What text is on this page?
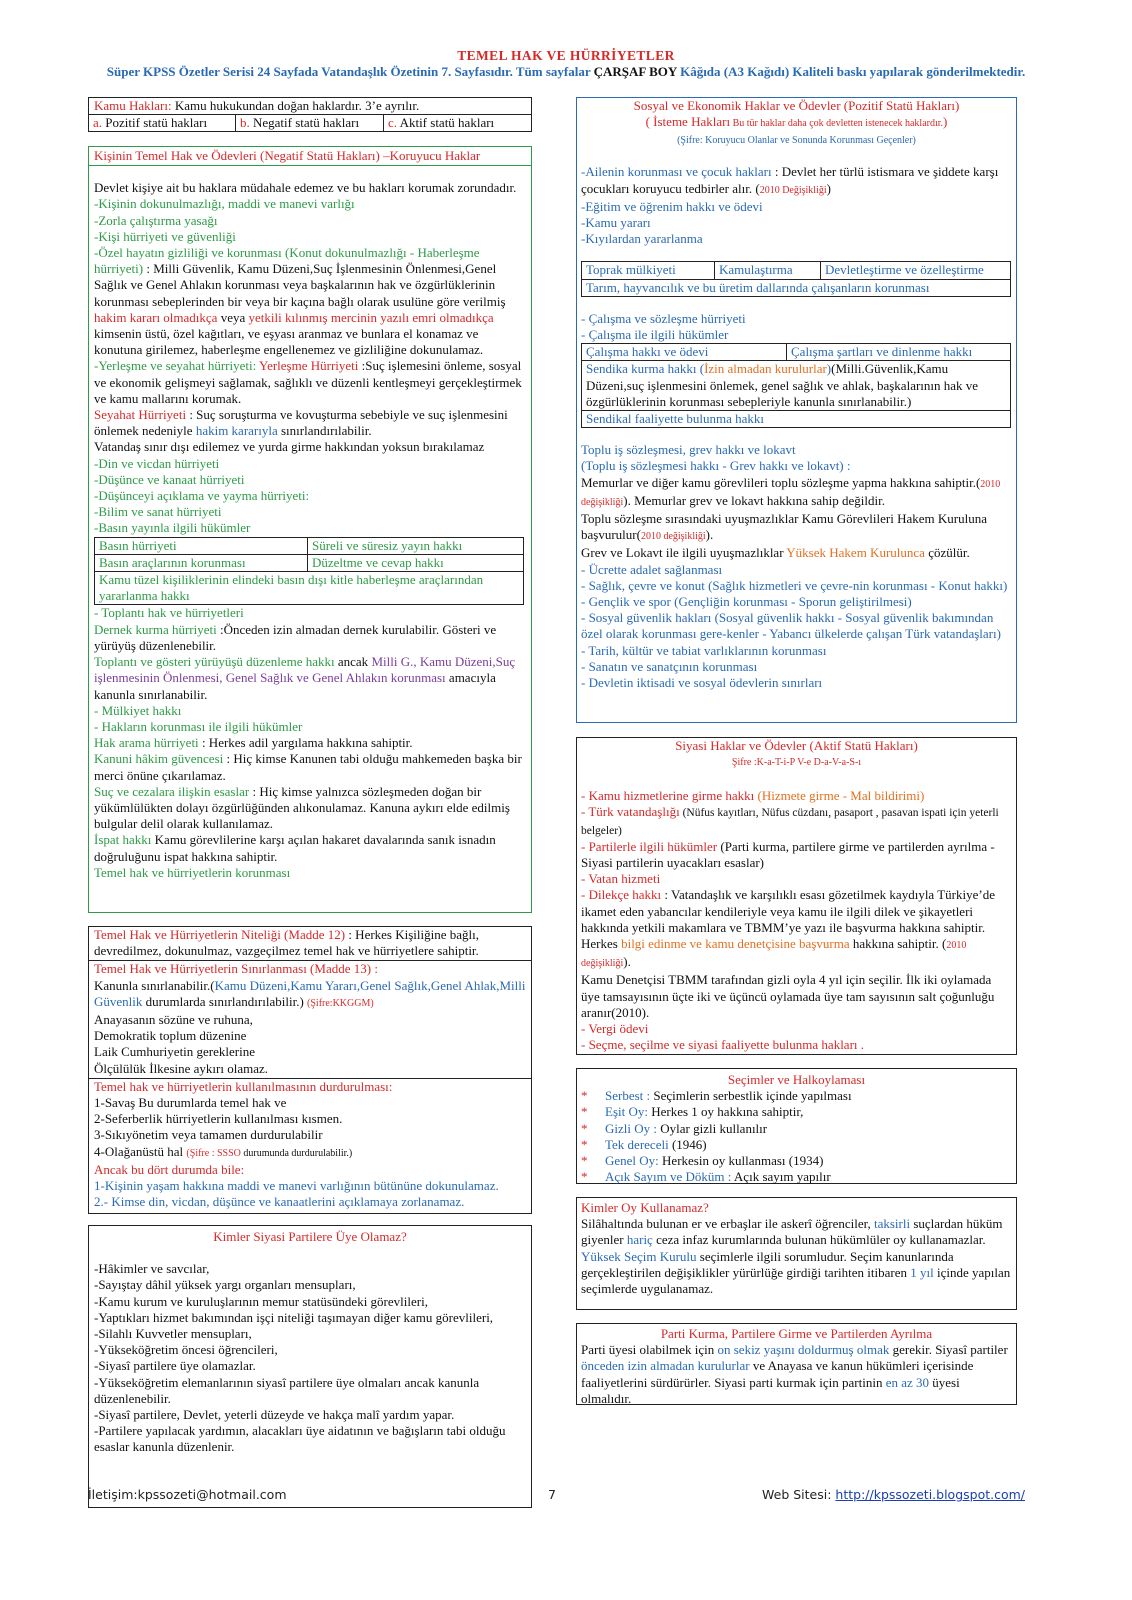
TEMEL HAK VE HÜRRİYETLER
Süper KPSS Özetler Serisi 24 Sayfada Vatandaşlık Özetinin 7. Sayfasıdır. Tüm sayfalar ÇARŞAF BOY Kâğıda (A3 Kağıdı) Kaliteli baskı yapılarak gönderilmektedir.
Kamu Hakları: Kamu hukukundan doğan haklardır. 3’e ayrılır.
a. Pozitif statü hakları	b. Negatif statü hakları	c. Aktif statü hakları
Kişinin Temel Hak ve Ödevleri (Negatif Statü Hakları) –Koruyucu Haklar
Devlet kişiye ait bu haklara müdahale edemez ve bu hakları korumak zorundadır.
-Kişinin dokunulmazlığı, maddi ve manevi varlığı
-Zorla çalıştırma yasağı
-Kişi hürriyeti ve güvenliği
-Özel hayatın gizliliği ve korunması (Konut dokunulmazlığı - Haberleşme hürriyeti) : Milli Güvenlik, Kamu Düzeni,Suç İşlenmesinin Önlenmesi,Genel Sağlık ve Genel Ahlakın korunması veya başkalarının hak ve özgürlüklerinin korunması sebeplerinden bir veya bir kaçına bağlı olarak usulüne göre verilmiş hakim kararı olmadıkça veya yetkili kılınmış mercinin yazılı emri olmadıkça kimsenin üstü, özel kağıtları, ve eşyası aranmaz ve bunlara el konamaz ve konutuna girilemez, haberleşme engellenemez ve gizliliğine dokunulamaz.
-Yerleşme ve seyahat hürriyeti: Yerleşme Hürriyeti :Suç işlemesini önleme, sosyal ve ekonomik gelişmeyi sağlamak, sağlıklı ve düzenli kentleşmeyi gerçekleştirmek ve kamu mallarını korumak.
Seyahat Hürriyeti : Suç soruşturma ve kovuşturma sebebiyle ve suç işlenmesini önlemek nedeniyle hakim kararıyla sınırlandırılabilir.
Vatandaş sınır dışı edilemez ve yurda girme hakkından yoksun bırakılamaz
-Din ve vicdan hürriyeti
-Düşünce ve kanaat hürriyeti
-Düşünceyi açıklama ve yayma hürriyeti:
-Bilim ve sanat hürriyeti
-Basın yayınla ilgili hükümler
Basın hürriyeti	Süreli ve süresiz yayın hakkı
Basın araçlarının korunması	Düzeltme ve cevap hakkı
Kamu tüzel kişiliklerinin elindeki basın dışı kitle haberleşme araçlarından yararlanma hakkı
- Toplantı hak ve hürriyetleri
Dernek kurma hürriyeti :Önceden izin almadan dernek kurulabilir. Gösteri ve yürüyüş düzenlenebilir.
Toplantı ve gösteri yürüyüşü düzenleme hakkı ancak Milli G., Kamu Düzeni,Suç işlenmesinin Önlenmesi, Genel Sağlık ve Genel Ahlakın korunması amacıyla kanunla sınırlanabilir.
- Mülkiyet hakkı
- Hakların korunması ile ilgili hükümler
Hak arama hürriyeti : Herkes adil yargılama hakkına sahiptir.
Kanuni hâkim güvencesi : Hiç kimse Kanunen tabi olduğu mahkemeden başka bir merci önüne çıkarılamaz.
Suç ve cezalara ilişkin esaslar : Hiç kimse yalnızca sözleşmeden doğan bir yükümlülükten dolayı özgürlüğünden alıkonulamaz. Kanuna aykırı elde edilmiş bulgular delil olarak kullanılamaz.
İspat hakkı Kamu görevlilerine karşı açılan hakaret davalarında sanık isnadın doğruluğunu ispat hakkına sahiptir.
Temel hak ve hürriyetlerin korunması
Temel Hak ve Hürriyetlerin Niteliği (Madde 12) : Herkes Kişiliğine bağlı, devredilmez, dokunulmaz, vazgeçilmez temel hak ve hürriyetlere sahiptir.
Temel Hak ve Hürriyetlerin Sınırlanması (Madde 13) :
Kanunla sınırlanabilir.(Kamu Düzeni,Kamu Yararı,Genel Sağlık,Genel Ahlak,Milli Güvenlik durumlarda sınırlandırılabilir.) (Şifre:KKGGM)
Anayasanın sözüne ve ruhuna,
Demokratik toplum düzenine
Laik Cumhuriyetin gereklerine
Ölçülülük İlkesine aykırı olamaz.
Temel hak ve hürriyetlerin kullanılmasının durdurulması:
1-Savaş Bu durumlarda temel hak ve
2-Seferberlik hürriyetlerin kullanılması kısmen.
3-Sıkıyönetim veya tamamen durdurulabilir
4-Olağanüstü hal (Şifre : SSSO durumunda durdurulabilir.)
Ancak bu dört durumda bile:
1-Kişinin yaşam hakkına maddi ve manevi varlığının bütününe dokunulamaz.
2.- Kimse din, vicdan, düşünce ve kanaatlerini açıklamaya zorlanamaz.
Kimler Siyasi Partilere Üye Olamaz?
-Hâkimler ve savcılar,
-Sayıştay dâhil yüksek yargı organları mensupları,
-Kamu kurum ve kuruluşlarının memur statüsündeki görevlileri,
-Yaptıkları hizmet bakımından işçi niteliği taşımayan diğer kamu görevlileri,
-Silahlı Kuvvetler mensupları,
-Yükseköğretim öncesi öğrencileri,
-Siyasî partilere üye olamazlar.
-Yükseköğretim elemanlarının siyasî partilere üye olmaları ancak kanunla düzenlenebilir.
-Siyasî partilere, Devlet, yeterli düzeyde ve hakça malî yardım yapar.
-Partilere yapılacak yardımın, alacakları üye aidatının ve bağışların tabi olduğu esaslar kanunla düzenlenir.
Sosyal ve Ekonomik Haklar ve Ödevler (Pozitif Statü Hakları)
( İsteme Hakları Bu tür haklar daha çok devletten istenecek haklardır.)
(Şifre: Koruyucu Olanlar ve Sonunda Korunması Geçenler)
-Ailenin korunması ve çocuk hakları : Devlet her türlü istismara ve şiddete karşı çocukları koruyucu tedbirler alır. (2010 Değişikliği)
-Eğitim ve öğrenim hakkı ve ödevi
-Kamu yararı
-Kıyılardan yararlanma
Toprak mülkiyeti	Kamulaştırma	Devletleştirme ve özelleştirme
Tarım, hayvancılık ve bu üretim dallarında çalışanların korunması
- Çalışma ve sözleşme hürriyeti
- Çalışma ile ilgili hükümler
Çalışma hakkı ve ödevi	Çalışma şartları ve dinlenme hakkı
Sendika kurma hakkı (İzin almadan kurulurlar)(Milli.Güvenlik,Kamu Düzeni,suç işlenmesini önlemek, genel sağlık ve ahlak, başkalarının hak ve özgürlüklerinin korunması sebepleriyle kanunla sınırlanabilir.)
Sendikal faaliyette bulunma hakkı
Toplu iş sözleşmesi, grev hakkı ve lokavt
(Toplu iş sözleşmesi hakkı - Grev hakkı ve lokavt) :
Memurlar ve diğer kamu görevlileri toplu sözleşme yapma hakkına sahiptir.(2010 değişikliği). Memurlar grev ve lokavt hakkına sahip değildir.
Toplu sözleşme sırasındaki uyuşmazlıklar Kamu Görevlileri Hakem Kuruluna başvurulur(2010 değişikliği).
Grev ve Lokavt ile ilgili uyuşmazlıklar Yüksek Hakem Kurulunca çözülür.
- Ücrette adalet sağlanması
- Sağlık, çevre ve konut (Sağlık hizmetleri ve çevre-nin korunması - Konut hakkı)
- Gençlik ve spor (Gençliğin korunması - Sporun geliştirilmesi)
- Sosyal güvenlik hakları (Sosyal güvenlik hakkı - Sosyal güvenlik bakımından özel olarak korunması gere-kenler - Yabancı ülkelerde çalışan Türk vatandaşları)
- Tarih, kültür ve tabiat varlıklarının korunması
- Sanatın ve sanatçının korunması
- Devletin iktisadi ve sosyal ödevlerin sınırları
Siyasi Haklar ve Ödevler (Aktif Statü Hakları)
Şifre :K-a-T-i-P V-e D-a-V-a-S-ı
- Kamu hizmetlerine girme hakkı (Hizmete girme - Mal bildirimi)
- Türk vatandaşlığı (Nüfus kayıtları, Nüfus cüzdanı, pasaport , pasavan ispati için yeterli belgeler)
- Partilerle ilgili hükümler (Parti kurma, partilere girme ve partilerden ayrılma - Siyasi partilerin uyacakları esaslar)
- Vatan hizmeti
- Dilekçe hakkı : Vatandaşlık ve karşılıklı esası gözetilmek kaydıyla Türkiye’de ikamet eden yabancılar kendileriyle veya kamu ile ilgili dilek ve şikayetleri hakkında yetkili makamlara ve TBMM’ye yazı ile başvurma hakkına sahiptir.
Herkes bilgi edinme ve kamu denetçisine başvurma hakkına sahiptir. (2010 değişikliği).
Kamu Denetçisi TBMM tarafından gizli oyla 4 yıl için seçilir. İlk iki oylamada üye tamsayısının üçte iki ve üçüncü oylamada üye tam sayısının salt çoğunluğu aranır(2010).
- Vergi ödevi
- Seçme, seçilme ve siyasi faaliyette bulunma hakları .
Seçimler ve Halkoylaması
* Serbest : Seçimlerin serbestlik içinde yapılması
* Eşit Oy: Herkes 1 oy hakkına sahiptir,
* Gizli Oy : Oylar gizli kullanılır
* Tek dereceli (1946)
* Genel Oy: Herkesin oy kullanması (1934)
* Açık Sayım ve Döküm : Açık sayım yapılır
Kimler Oy Kullanamaz?
Silâhaltında bulunan er ve erbaşlar ile askerî öğrenciler, taksirli suçlardan hüküm giyenler hariç ceza infaz kurumlarında bulunan hükümlüler oy kullanamazlar.
Yüksek Seçim Kurulu seçimlerle ilgili sorumludur. Seçim kanunlarında gerçekleştirilen değişiklikler yürürlüğe girdiği tarihten itibaren 1 yıl içinde yapılan seçimlerde uygulanamaz.
Parti Kurma, Partilere Girme ve Partilerden Ayrılma
Parti üyesi olabilmek için on sekiz yaşını doldurmuş olmak gerekir. Siyasî partiler önceden izin almadan kurulurlar ve Anayasa ve kanun hükümleri içerisinde faaliyetlerini sürdürürler. Siyasi parti kurmak için partinin en az 30 üyesi olmalıdır.
İletişim:kpssozeti@hotmail.com	7	Web Sitesi: http://kpssozeti.blogspot.com/
